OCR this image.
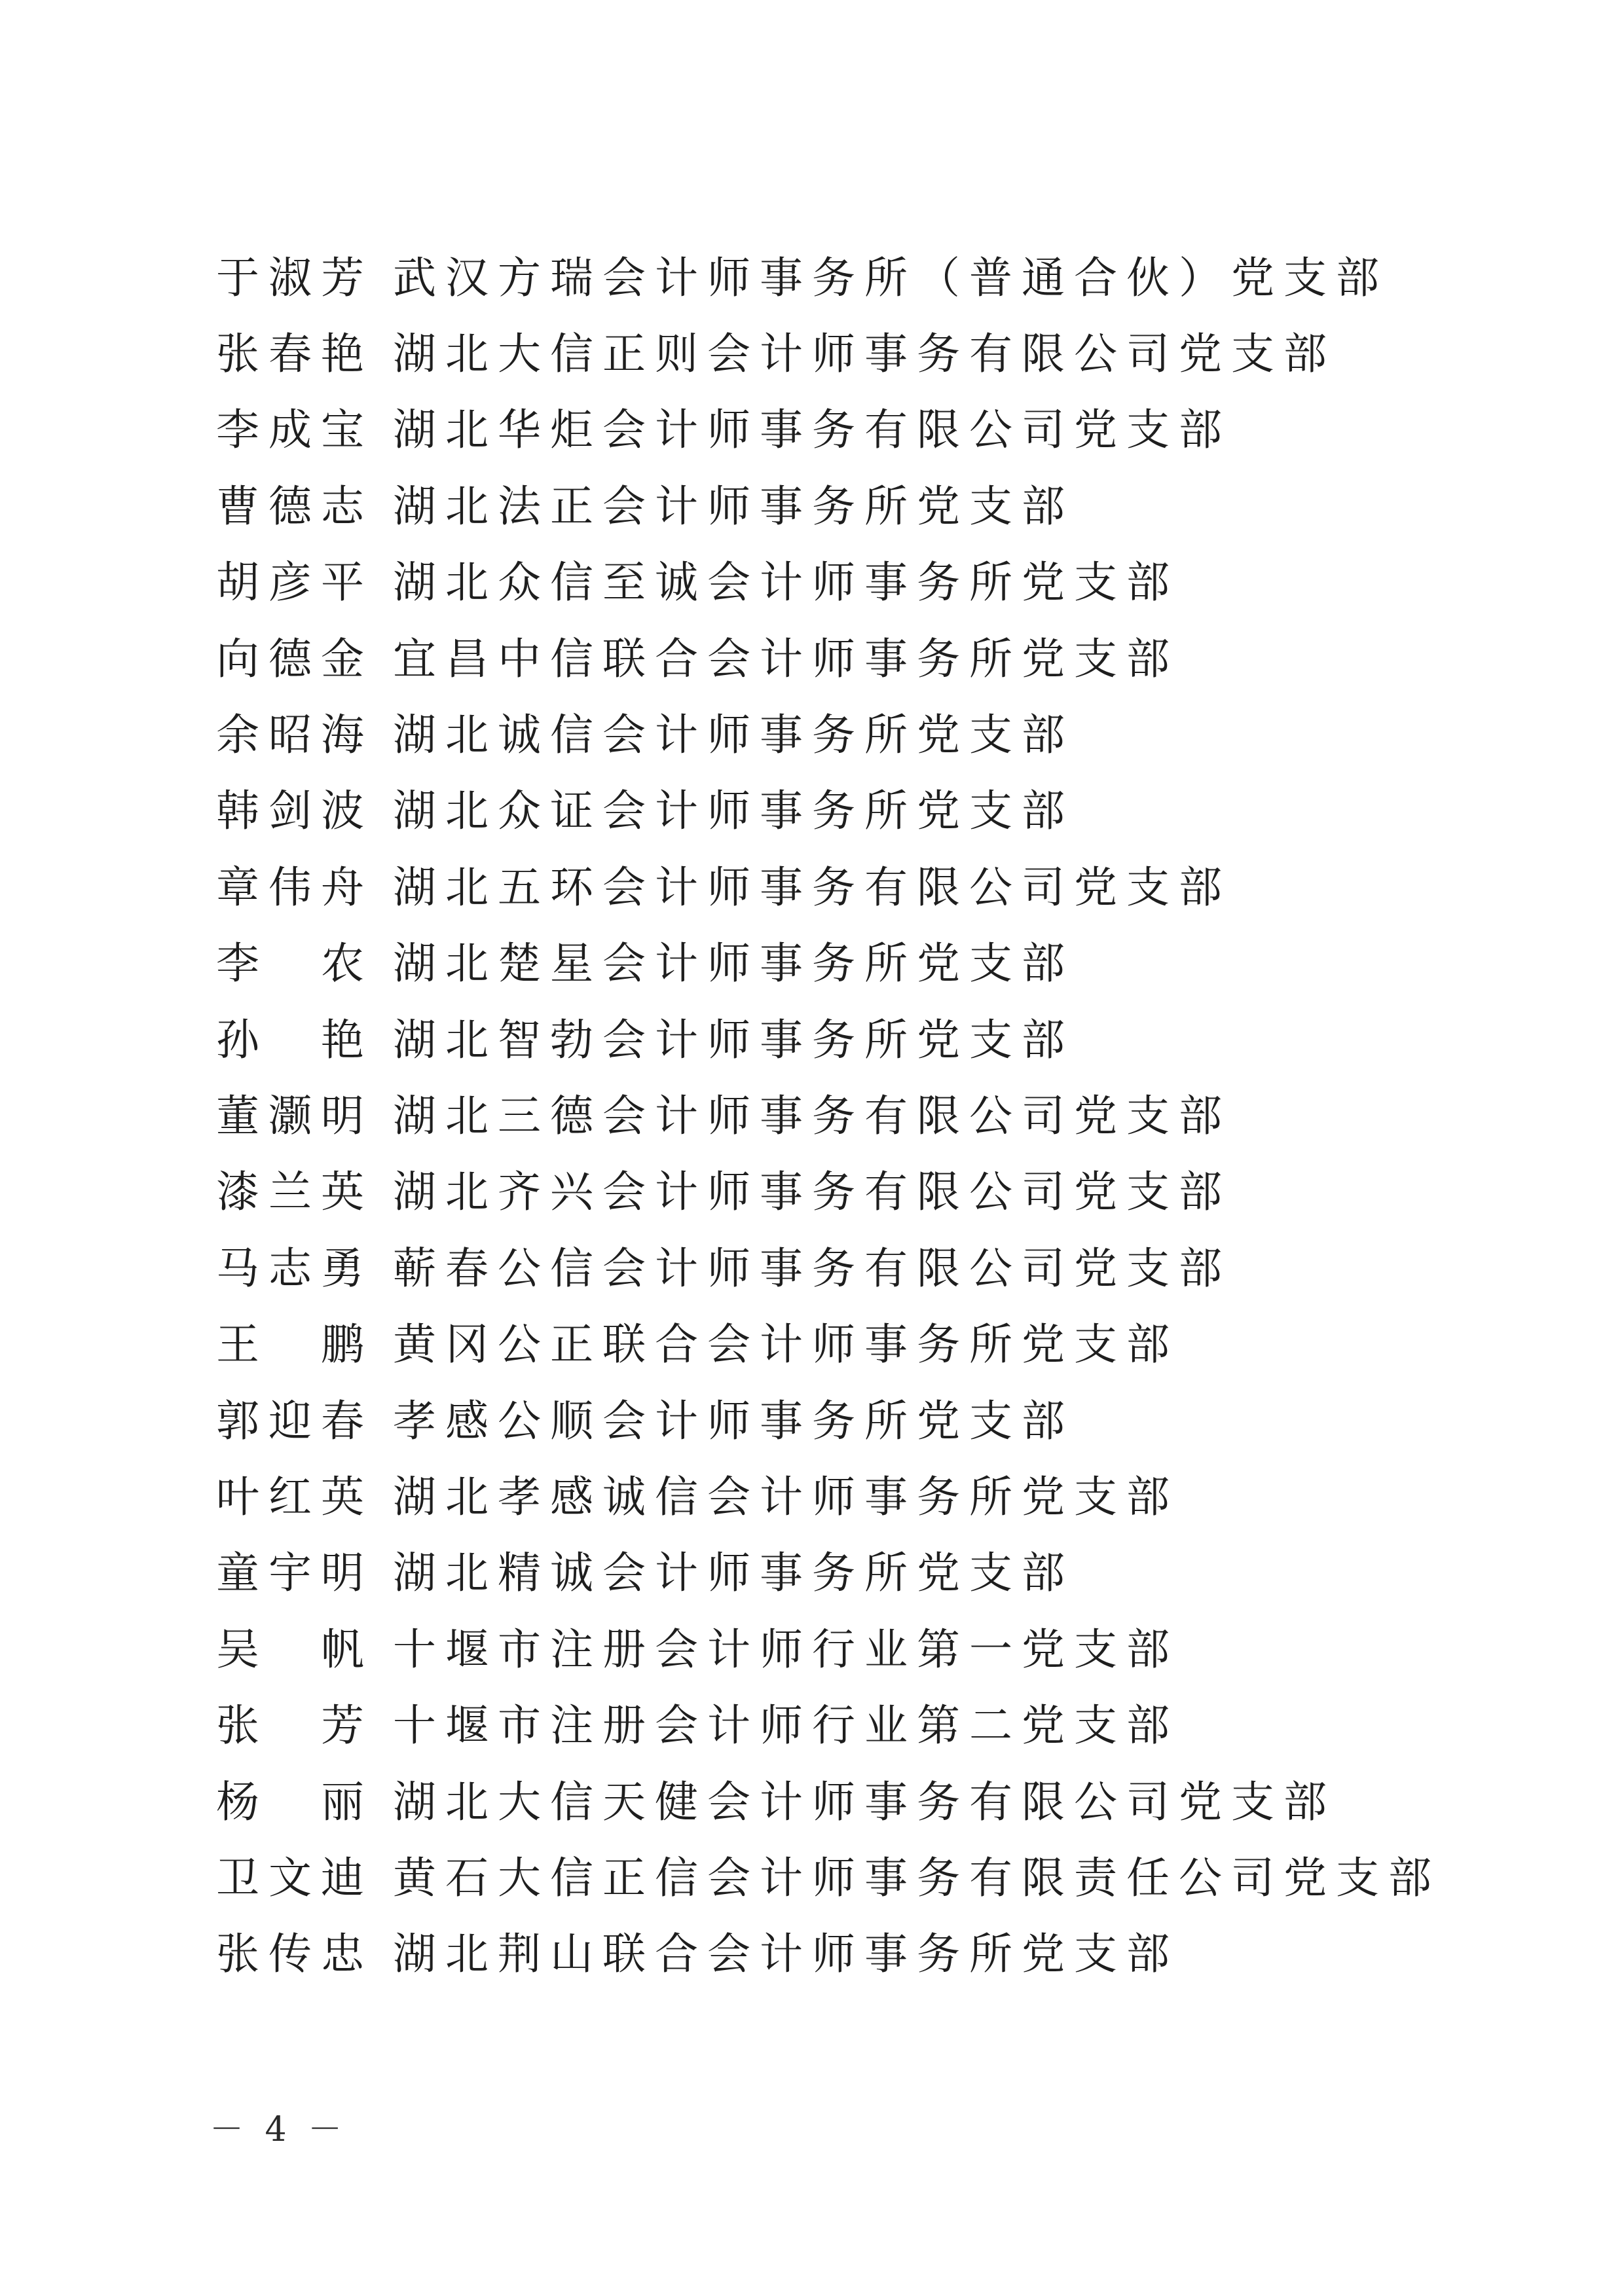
于淑芳 武汉方瑞会计师事务所（普通合伙）党支部
张春艳 湖北大信正则会计师事务有限公司党支部
李成宝 湖北华炬会计师事务有限公司党支部
曹德志 湖北法正会计师事务所党支部
胡彦平 湖北众信至诚会计师事务所党支部
向德金 宜昌中信联合会计师事务所党支部
余昭海 湖北诚信会计师事务所党支部
韩剑波 湖北众证会计师事务所党支部
章伟舟 湖北五环会计师事务有限公司党支部
李　农 湖北楚星会计师事务所党支部
孙　艳 湖北智勃会计师事务所党支部
董灏明 湖北三德会计师事务有限公司党支部
漆兰英 湖北齐兴会计师事务有限公司党支部
马志勇 蕲春公信会计师事务有限公司党支部
王　鹏 黄冈公正联合会计师事务所党支部
郭迎春 孝感公顺会计师事务所党支部
叶红英 湖北孝感诚信会计师事务所党支部
童宇明 湖北精诚会计师事务所党支部
吴　帆 十堰市注册会计师行业第一党支部
张　芳 十堰市注册会计师行业第二党支部
杨　丽 湖北大信天健会计师事务有限公司党支部
卫文迪 黄石大信正信会计师事务有限责任公司党支部
张传忠 湖北荆山联合会计师事务所党支部
－ 4 －
